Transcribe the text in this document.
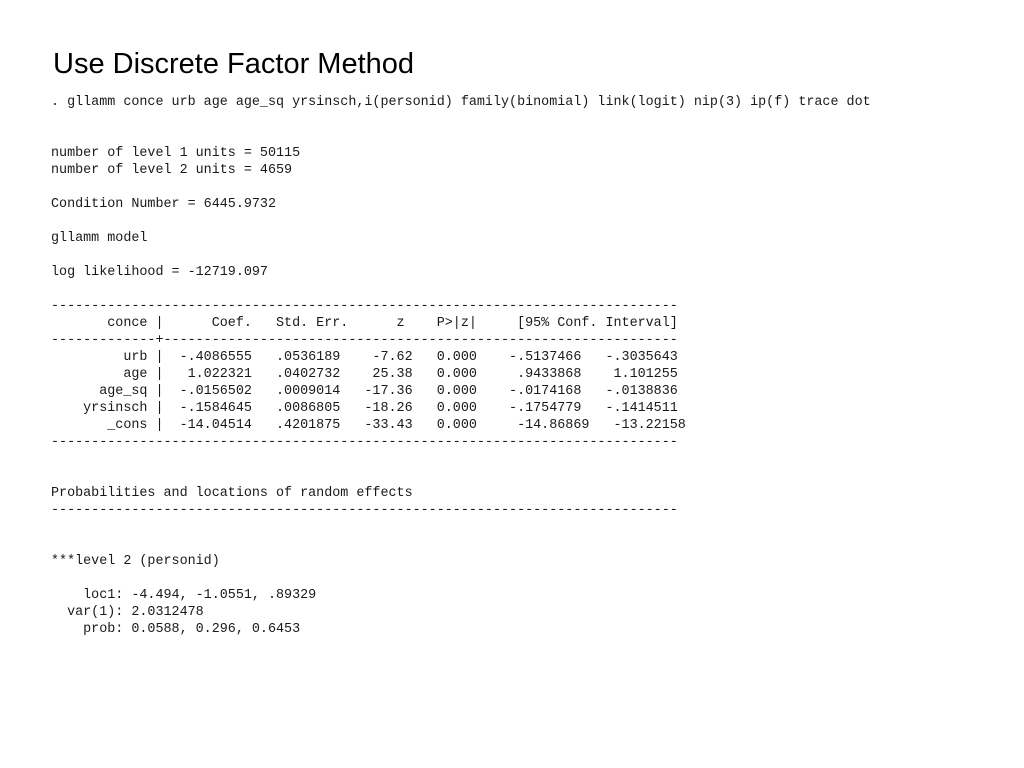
Use Discrete Factor Method
. gllamm conce urb age age_sq yrsinsch,i(personid) family(binomial) link(logit) nip(3) ip(f) trace dot
number of level 1 units = 50115
number of level 2 units = 4659
Condition Number = 6445.9732
gllamm model
log likelihood = -12719.097
------------------------------------------------------------------------------
conce |      Coef.   Std. Err.      z    P>|z|     [95% Conf. Interval]
-------------+----------------------------------------------------------------
urb |  -.4086555   .0536189    -7.62   0.000    -.5137466   -.3035643
age |   1.022321   .0402732    25.38   0.000     .9433868    1.101255
age_sq |  -.0156502   .0009014   -17.36   0.000    -.0174168   -.0138836
yrsinsch |  -.1584645   .0086805   -18.26   0.000    -.1754779   -.1414511
_cons |  -14.04514   .4201875   -33.43   0.000     -14.86869   -13.22158
------------------------------------------------------------------------------
Probabilities and locations of random effects
------------------------------------------------------------------------------
***level 2 (personid)
loc1: -4.494, -1.0551, .89329
var(1): 2.0312478
prob: 0.0588, 0.296, 0.6453
